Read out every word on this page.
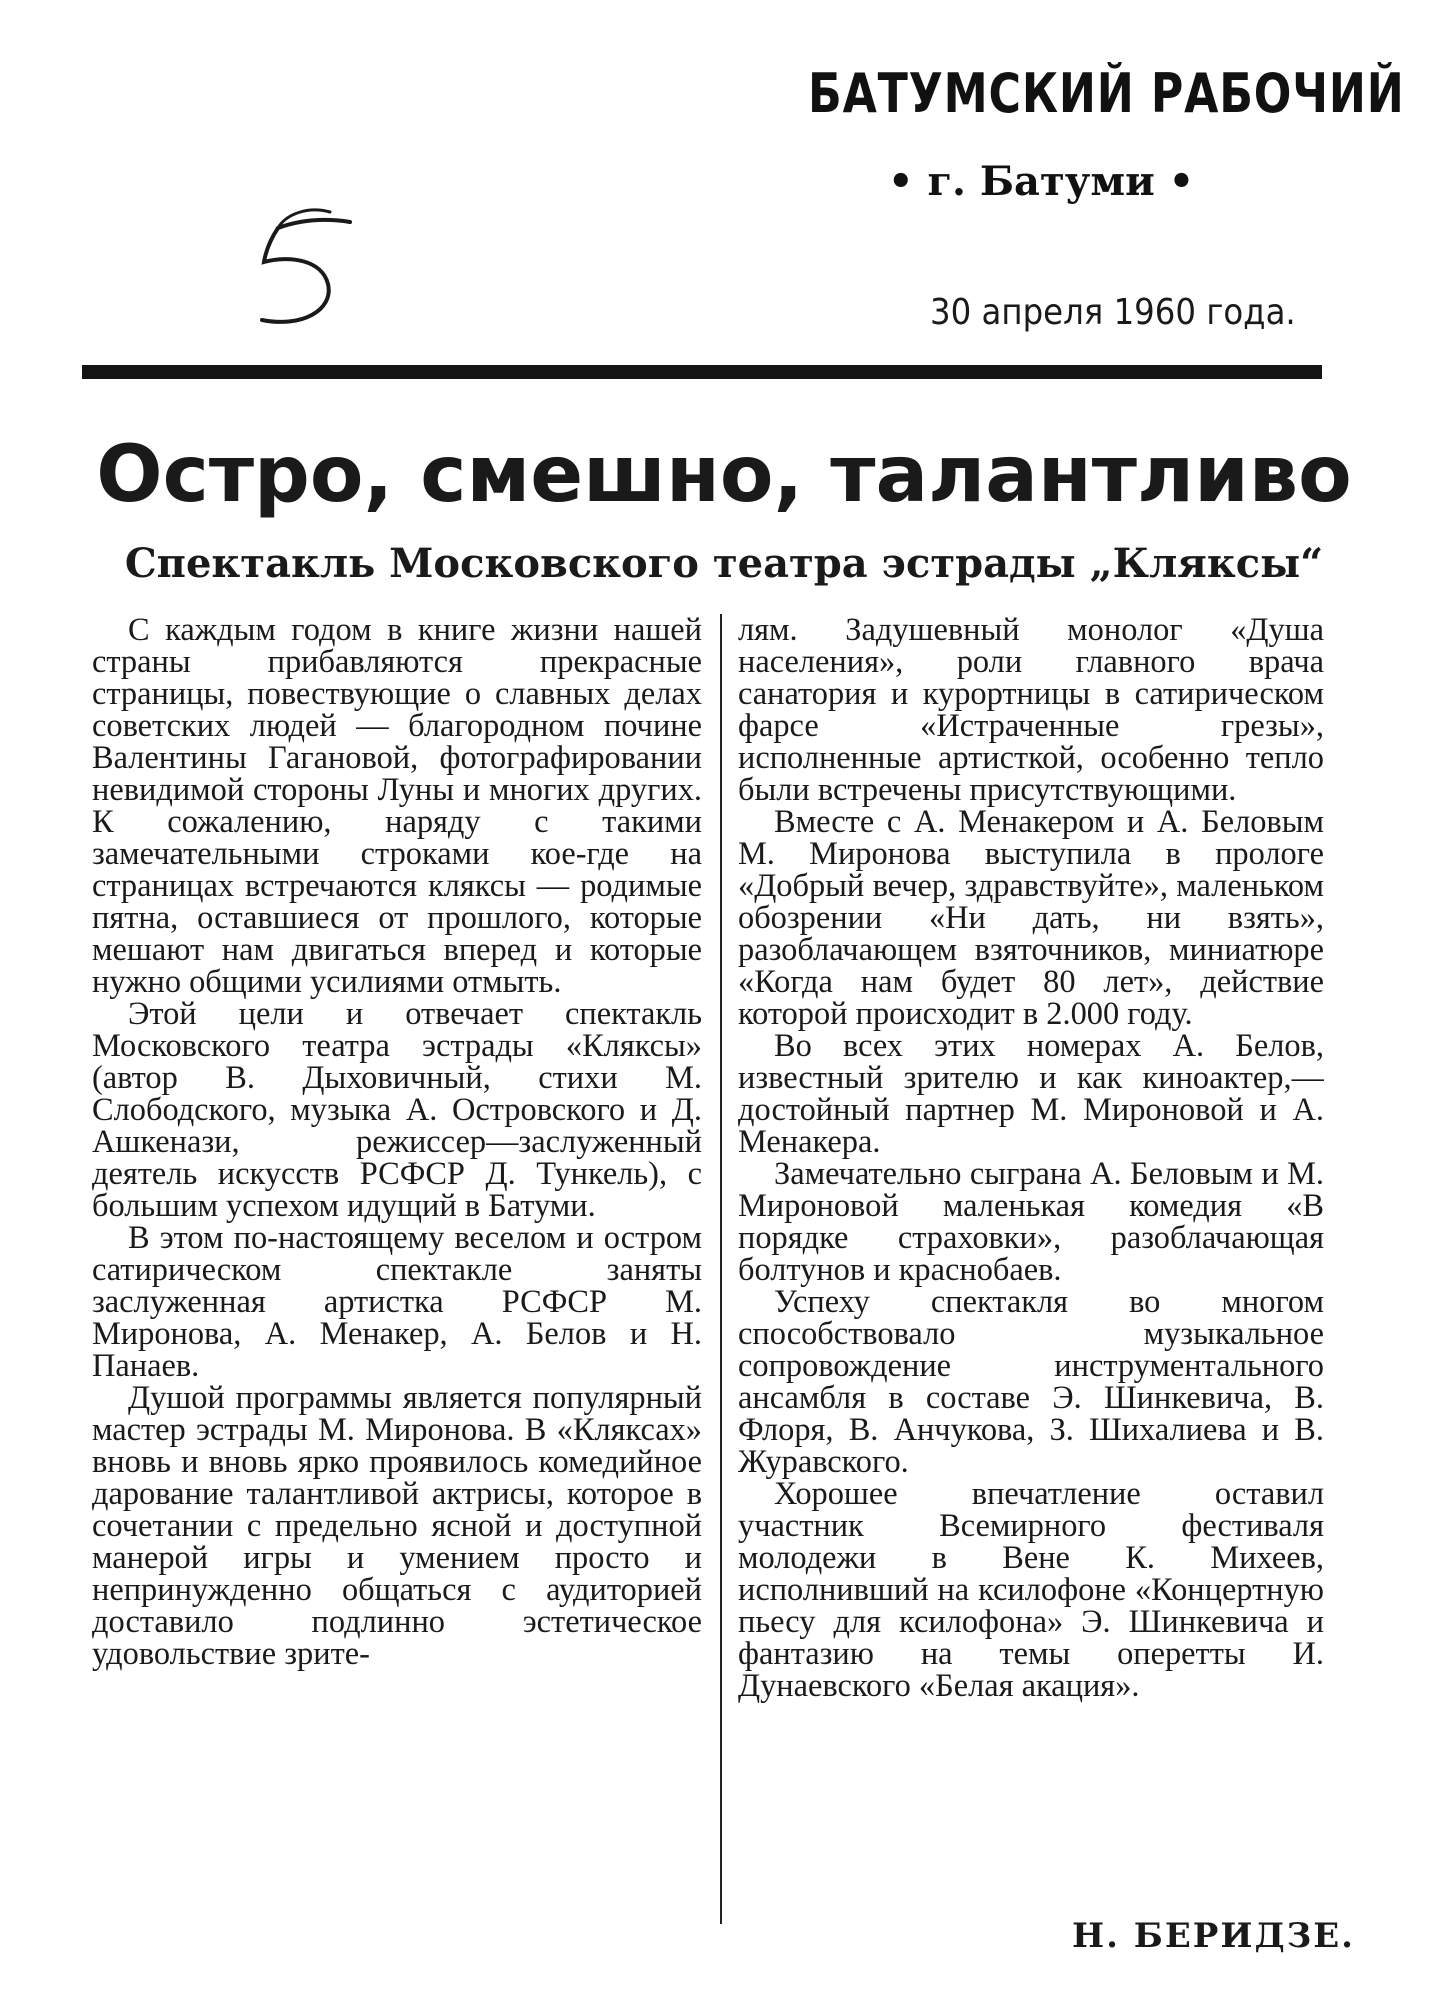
БАТУМСКИЙ РАБОЧИЙ
• г. Батуми •
30 апреля 1960 года.
Остро, смешно, талантливо
Спектакль Московского театра эстрады „Кляксы“

С каждым годом в книге жизни нашей страны прибавляются прекрасные страницы, повествующие о славных делах советских людей — благородном почине Валентины Гагановой, фотографировании невидимой стороны Луны и многих других. К сожалению, наряду с такими замечательными строками кое-где на страницах встречаются кляксы — родимые пятна, оставшиеся от прошлого, которые мешают нам двигаться вперед и которые нужно общими усилиями отмыть.

Этой цели и отвечает спектакль Московского театра эстрады «Кляксы» (автор В. Дыховичный, стихи М. Слободского, музыка А. Островского и Д. Ашкенази, режиссер—заслуженный деятель искусств РСФСР Д. Тункель), с большим успехом идущий в Батуми.

В этом по-настоящему веселом и остром сатирическом спектакле заняты заслуженная артистка РСФСР М. Миронова, А. Менакер, А. Белов и Н. Панаев.

Душой программы является популярный мастер эстрады М. Миронова. В «Кляксах» вновь и вновь ярко проявилось комедийное дарование талантливой актрисы, которое в сочетании с предельно ясной и доступной манерой игры и умением просто и непринужденно общаться с аудиторией доставило подлинно эстетическое удовольствие зрите-

лям. Задушевный монолог «Душа населения», роли главного врача санатория и курортницы в сатирическом фарсе «Истраченные грезы», исполненные артисткой, особенно тепло были встречены присутствующими.

Вместе с А. Менакером и А. Беловым М. Миронова выступила в прологе «Добрый вечер, здравствуйте», маленьком обозрении «Ни дать, ни взять», разоблачающем взяточников, миниатюре «Когда нам будет 80 лет», действие которой происходит в 2.000 году.

Во всех этих номерах А. Белов, известный зрителю и как киноактер,—достойный партнер М. Мироновой и А. Менакера.

Замечательно сыграна А. Беловым и М. Мироновой маленькая комедия «В порядке страховки», разоблачающая болтунов и краснобаев.

Успеху спектакля во многом способствовало музыкальное сопровождение инструментального ансамбля в составе Э. Шинкевича, В. Флоря, В. Анчукова, З. Шихалиева и В. Журавского.

Хорошее впечатление оставил участник Всемирного фестиваля молодежи в Вене К. Михеев, исполнивший на ксилофоне «Концертную пьесу для ксилофона» Э. Шинкевича и фантазию на темы оперетты И. Дунаевского «Белая акация».

Н. БЕРИДЗЕ.
